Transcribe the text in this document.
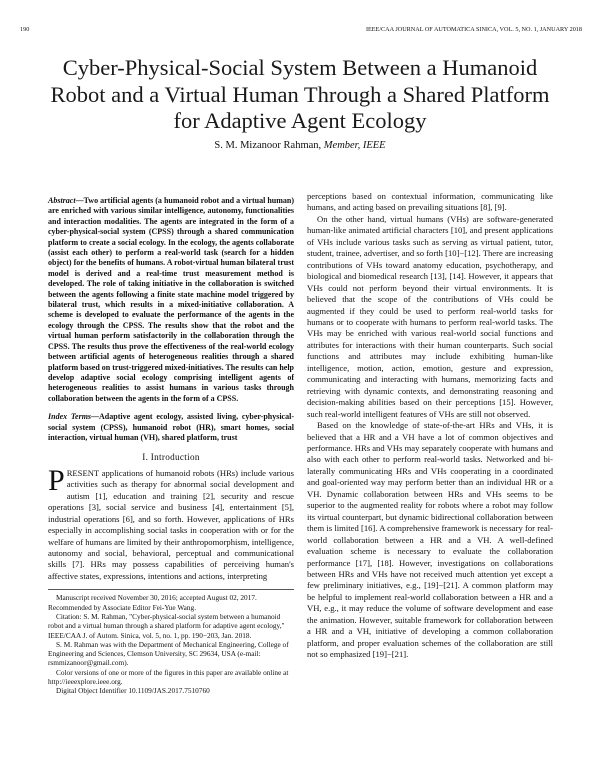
190	IEEE/CAA JOURNAL OF AUTOMATICA SINICA, VOL. 5, NO. 1, JANUARY 2018
Cyber-Physical-Social System Between a Humanoid Robot and a Virtual Human Through a Shared Platform for Adaptive Agent Ecology
S. M. Mizanoor Rahman, Member, IEEE

Abstract—Two artificial agents (a humanoid robot and a virtual human) are enriched with various similar intelligence, autonomy, functionalities and interaction modalities. The agents are integrated in the form of a cyber-physical-social system (CPSS) through a shared communication platform to create a social ecology. In the ecology, the agents collaborate (assist each other) to perform a real-world task (search for a hidden object) for the benefits of humans. A robot-virtual human bilateral trust model is derived and a real-time trust measurement method is developed. The role of taking initiative in the collaboration is switched between the agents following a finite state machine model triggered by bilateral trust, which results in a mixed-initiative collaboration. A scheme is developed to evaluate the performance of the agents in the ecology through the CPSS. The results show that the robot and the virtual human perform satisfactorily in the collaboration through the CPSS. The results thus prove the effectiveness of the real-world ecology between artificial agents of heterogeneous realities through a shared platform based on trust-triggered mixed-initiatives. The results can help develop adaptive social ecology comprising intelligent agents of heterogeneous realities to assist humans in various tasks through collaboration between the agents in the form of a CPSS.

Index Terms—Adaptive agent ecology, assisted living, cyber-physical-social system (CPSS), humanoid robot (HR), smart homes, social interaction, virtual human (VH), shared platform, trust

I. Introduction

PRESENT applications of humanoid robots (HRs) include various activities such as therapy for abnormal social development and autism [1], education and training [2], security and rescue operations [3], social service and business [4], entertainment [5], industrial operations [6], and so forth. However, applications of HRs especially in accomplishing social tasks in cooperation with or for the welfare of humans are limited by their anthropomorphism, intelligence, autonomy and social, behavioral, perceptual and communicational skills [7]. HRs may possess capabilities of perceiving human's affective states, expressions, intentions and actions, interpreting

Manuscript received November 30, 2016; accepted August 02, 2017. Recommended by Associate Editor Fei-Yue Wang.

Citation: S. M. Rahman, "Cyber-physical-social system between a humanoid robot and a virtual human through a shared platform for adaptive agent ecology," IEEE/CAA J. of Autom. Sinica, vol. 5, no. 1, pp. 190−203, Jan. 2018.

S. M. Rahman was with the Department of Mechanical Engineering, College of Engineering and Sciences, Clemson University, SC 29634, USA (e-mail: rsmmizanoor@gmail.com).

Color versions of one or more of the figures in this paper are available online at http://ieeexplore.ieee.org.

Digital Object Identifier 10.1109/JAS.2017.7510760

perceptions based on contextual information, communicating like humans, and acting based on prevailing situations [8], [9].

On the other hand, virtual humans (VHs) are software-generated human-like animated artificial characters [10], and present applications of VHs include various tasks such as serving as virtual patient, tutor, student, trainee, advertiser, and so forth [10]−[12]. There are increasing contributions of VHs toward anatomy education, psychotherapy, and biological and biomedical research [13], [14]. However, it appears that VHs could not perform beyond their virtual environments. It is believed that the scope of the contributions of VHs could be augmented if they could be used to perform real-world tasks for humans or to cooperate with humans to perform real-world tasks. The VHs may be enriched with various real-world social functions and attributes for interactions with their human counterparts. Such social functions and attributes may include exhibiting human-like intelligence, motion, action, emotion, gesture and expression, communicating and interacting with humans, memorizing facts and retrieving with dynamic contexts, and demonstrating reasoning and decision-making abilities based on their perceptions [15]. However, such real-world intelligent features of VHs are still not observed.

Based on the knowledge of state-of-the-art HRs and VHs, it is believed that a HR and a VH have a lot of common objectives and performance. HRs and VHs may separately cooperate with humans and also with each other to perform real-world tasks. Networked and bi-laterally communicating HRs and VHs cooperating in a coordinated and goal-oriented way may perform better than an individual HR or a VH. Dynamic collaboration between HRs and VHs seems to be superior to the augmented reality for robots where a robot may follow its virtual counterpart, but dynamic bidirectional collaboration between them is limited [16]. A comprehensive framework is necessary for real-world collaboration between a HR and a VH. A well-defined evaluation scheme is necessary to evaluate the collaboration performance [17], [18]. However, investigations on collaborations between HRs and VHs have not received much attention yet except a few preliminary initiatives, e.g., [19]−[21]. A common platform may be helpful to implement real-world collaboration between a HR and a VH, e.g., it may reduce the volume of software development and ease the animation. However, suitable framework for collaboration between a HR and a VH, initiative of developing a common collaboration platform, and proper evaluation schemes of the collaboration are still not so emphasized [19]−[21].
